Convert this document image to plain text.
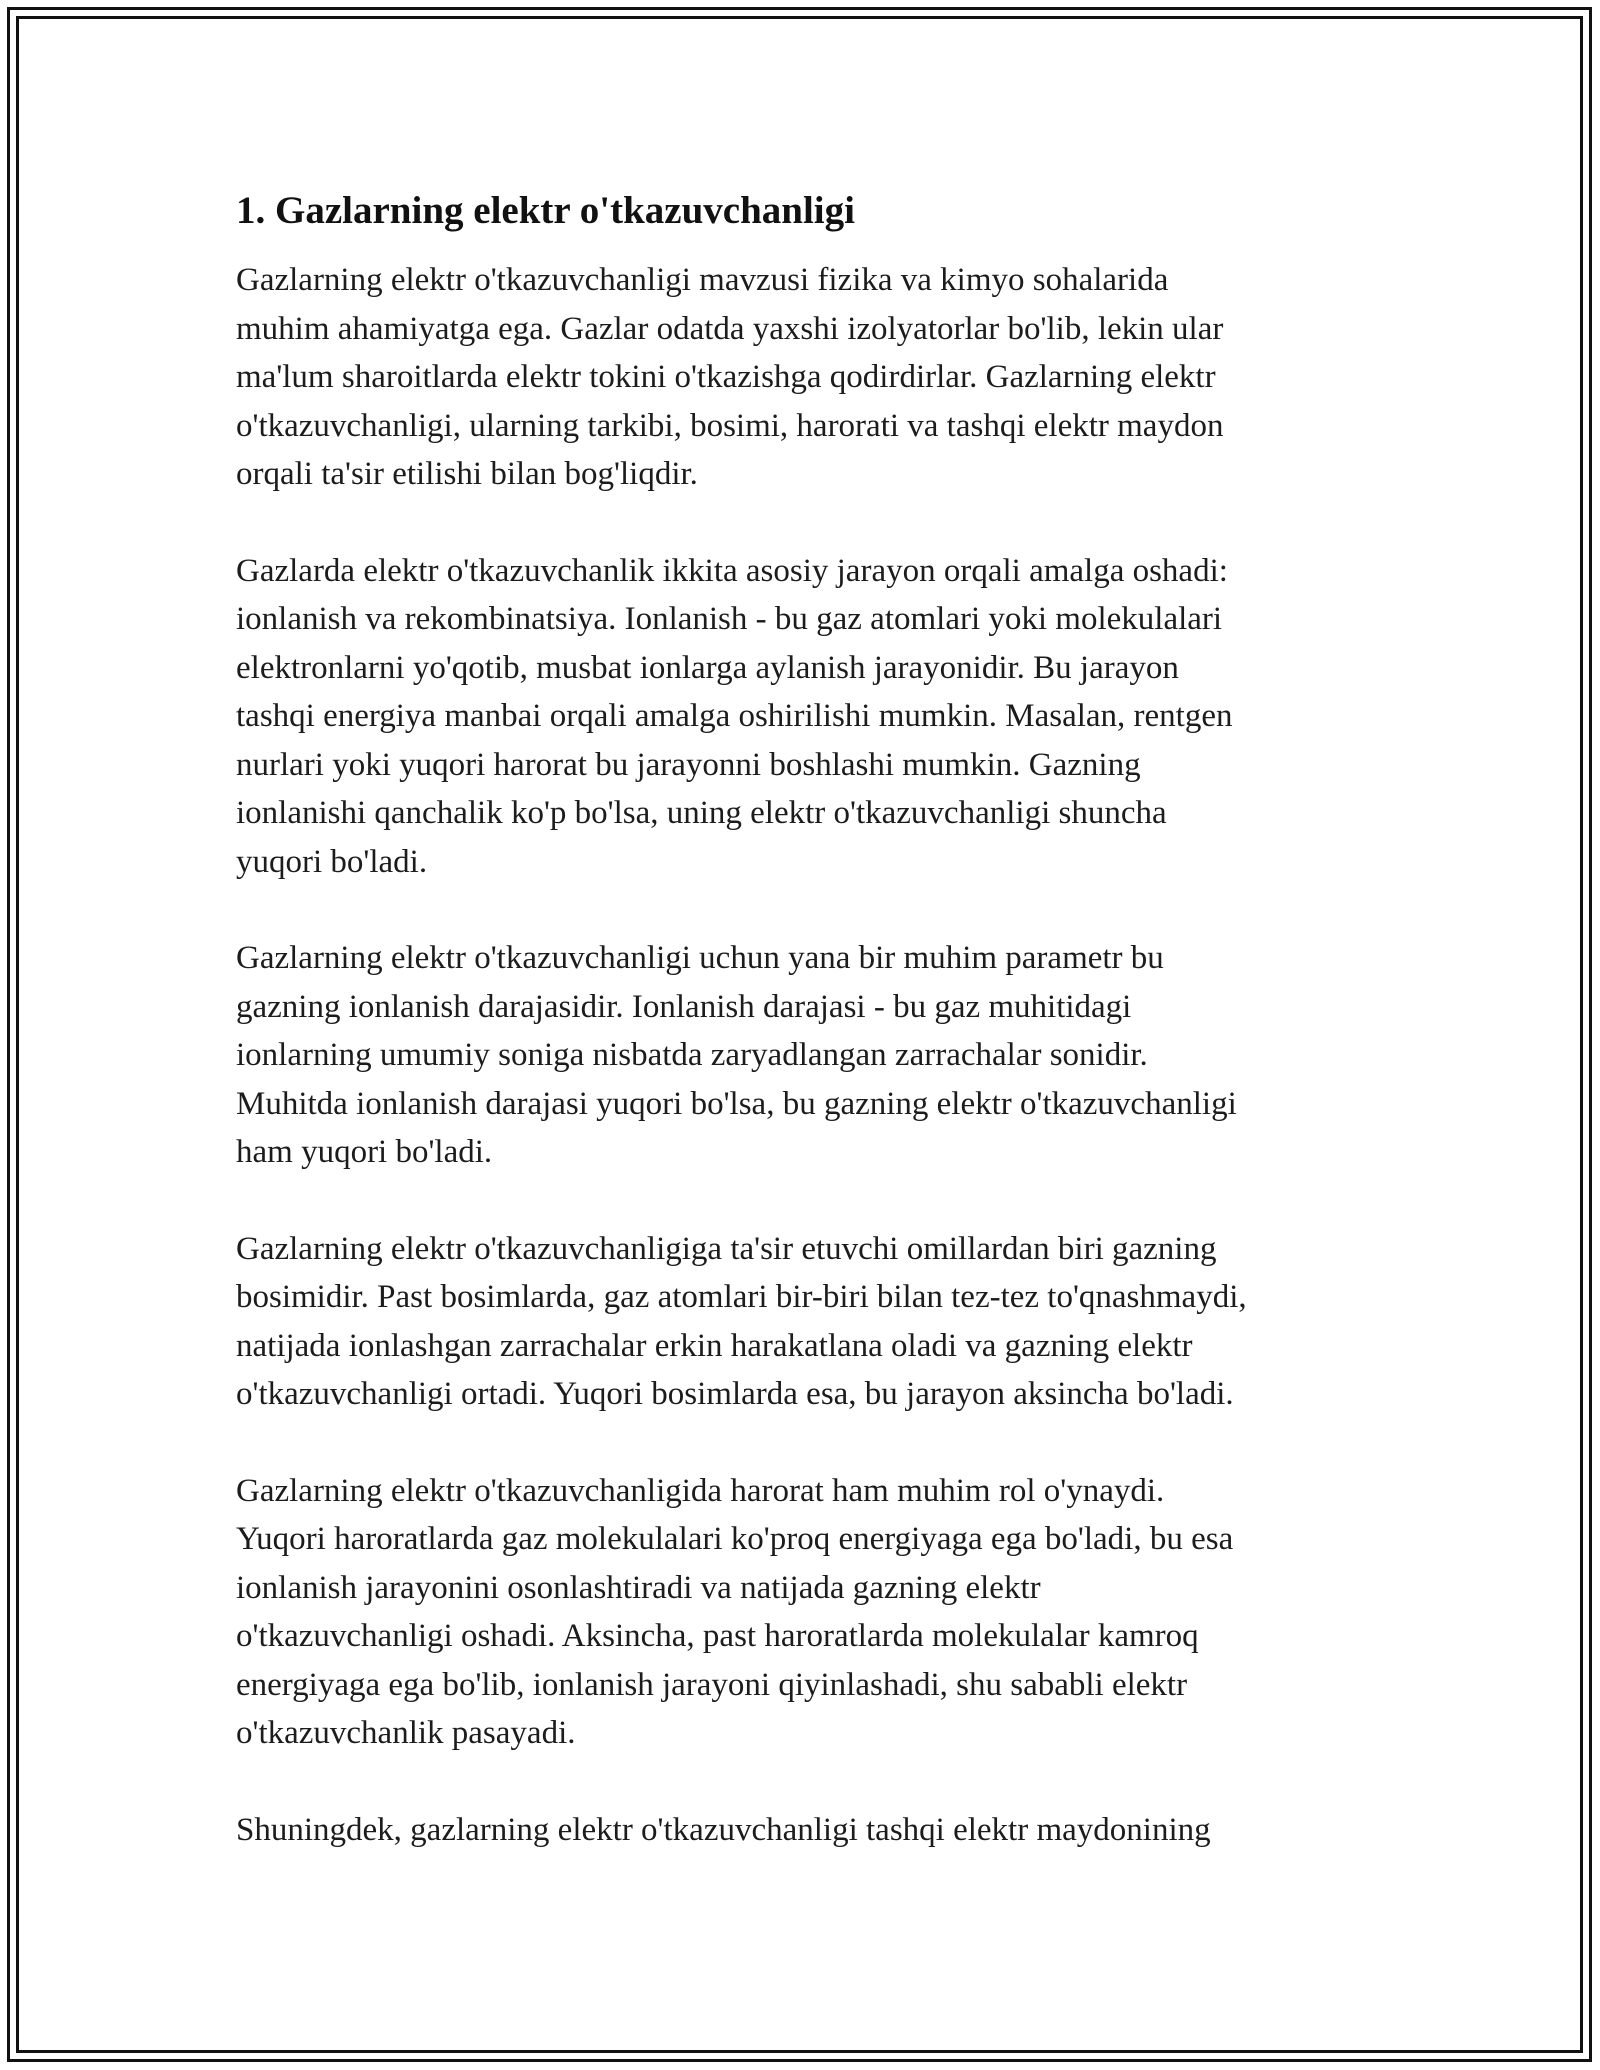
1. Gazlarning elektr o'tkazuvchanligi

Gazlarning elektr o'tkazuvchanligi mavzusi fizika va kimyo sohalarida
muhim ahamiyatga ega. Gazlar odatda yaxshi izolyatorlar bo'lib, lekin ular
ma'lum sharoitlarda elektr tokini o'tkazishga qodirdirlar. Gazlarning elektr
o'tkazuvchanligi, ularning tarkibi, bosimi, harorati va tashqi elektr maydon
orqali ta'sir etilishi bilan bog'liqdir.

Gazlarda elektr o'tkazuvchanlik ikkita asosiy jarayon orqali amalga oshadi:
ionlanish va rekombinatsiya. Ionlanish - bu gaz atomlari yoki molekulalari
elektronlarni yo'qotib, musbat ionlarga aylanish jarayonidir. Bu jarayon
tashqi energiya manbai orqali amalga oshirilishi mumkin. Masalan, rentgen
nurlari yoki yuqori harorat bu jarayonni boshlashi mumkin. Gazning
ionlanishi qanchalik ko'p bo'lsa, uning elektr o'tkazuvchanligi shuncha
yuqori bo'ladi.

Gazlarning elektr o'tkazuvchanligi uchun yana bir muhim parametr bu
gazning ionlanish darajasidir. Ionlanish darajasi - bu gaz muhitidagi
ionlarning umumiy soniga nisbatda zaryadlangan zarrachalar sonidir.
Muhitda ionlanish darajasi yuqori bo'lsa, bu gazning elektr o'tkazuvchanligi
ham yuqori bo'ladi.

Gazlarning elektr o'tkazuvchanligiga ta'sir etuvchi omillardan biri gazning
bosimidir. Past bosimlarda, gaz atomlari bir-biri bilan tez-tez to'qnashmaydi,
natijada ionlashgan zarrachalar erkin harakatlana oladi va gazning elektr
o'tkazuvchanligi ortadi. Yuqori bosimlarda esa, bu jarayon aksincha bo'ladi.

Gazlarning elektr o'tkazuvchanligida harorat ham muhim rol o'ynaydi.
Yuqori haroratlarda gaz molekulalari ko'proq energiyaga ega bo'ladi, bu esa
ionlanish jarayonini osonlashtiradi va natijada gazning elektr
o'tkazuvchanligi oshadi. Aksincha, past haroratlarda molekulalar kamroq
energiyaga ega bo'lib, ionlanish jarayoni qiyinlashadi, shu sababli elektr
o'tkazuvchanlik pasayadi.

Shuningdek, gazlarning elektr o'tkazuvchanligi tashqi elektr maydonining
